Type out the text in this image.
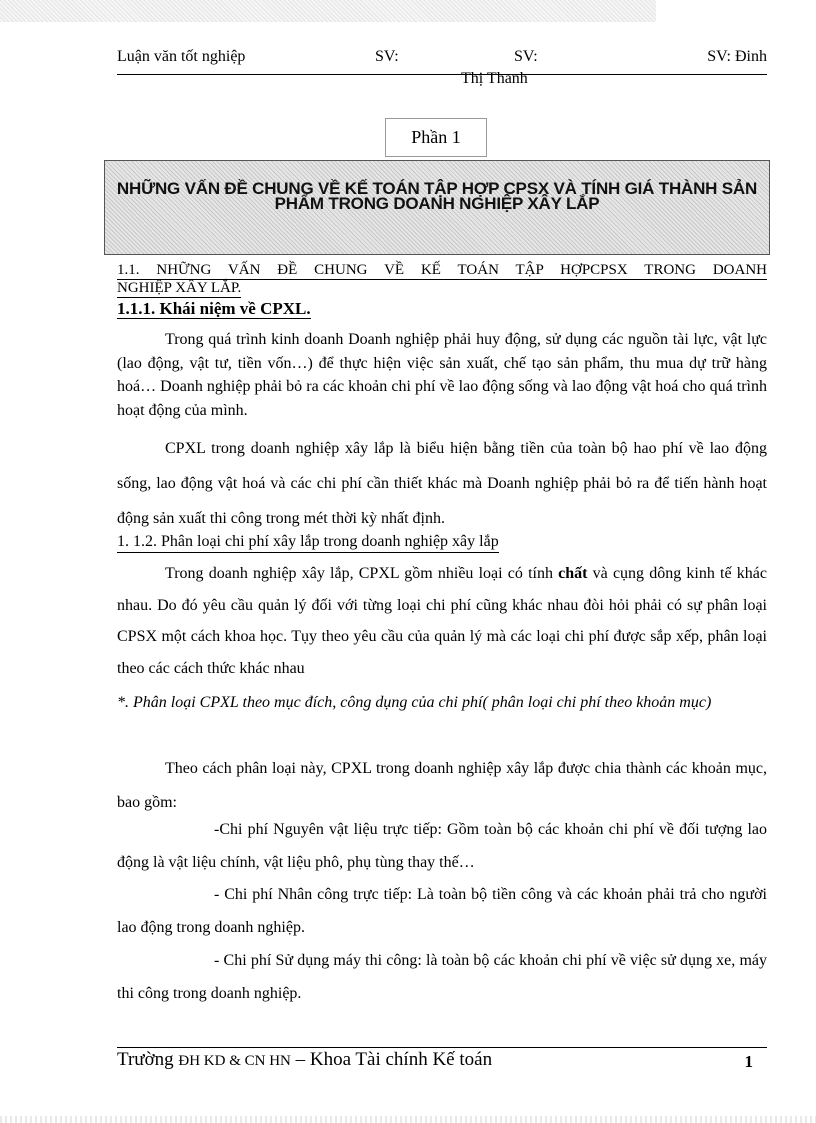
Luận văn tốt nghiệp	SV:	SV:	SV: Đinh
Thị Thanh
Phần 1
NHỮNG VẤN ĐỀ CHUNG VỀ KẾ TOÁN TẬP HỢP CPSX VÀ TÍNH GIÁ THÀNH SẢN PHẨM TRONG DOANH NGHIỆP XÂY LẮP
1.1. NHỮNG VẤN ĐỀ CHUNG VỀ KẾ TOÁN TẬP HỢPCPSX TRONG DOANH
NGHIỆP XÂY LẮP.
1.1.1. Khái niệm về CPXL.

Trong quá trình kinh doanh Doanh nghiệp phải huy động, sử dụng các nguồn tài lực, vật lực (lao động, vật tư, tiền vốn…) để thực hiện việc sản xuất, chế tạo sản phẩm, thu mua dự trữ hàng hoá… Doanh nghiệp phải bỏ ra các khoản chi phí về lao động sống và lao động vật hoá cho quá trình hoạt động của mình.

CPXL trong doanh nghiệp xây lắp là biểu hiện bằng tiền của toàn bộ hao phí về lao động sống, lao động vật hoá và các chi phí cần thiết khác mà Doanh nghiệp phải bỏ ra để tiến hành hoạt động sản xuất thi công trong mét thời kỳ nhất định.

1. 1.2. Phân loại chi phí xây lắp trong doanh nghiệp xây lắp

Trong doanh nghiệp xây lắp, CPXL gồm nhiều loại có tính chất và cụng dông kinh tế khác nhau. Do đó yêu cầu quản lý đối với từng loại chi phí cũng khác nhau đòi hỏi phải có sự phân loại CPSX một cách khoa học. Tụy theo yêu cầu của quản lý mà các loại chi phí được sắp xếp, phân loại theo các cách thức khác nhau

*. Phân loại CPXL theo mục đích, công dụng của chi phí( phân loại chi phí theo khoản mục)

Theo cách phân loại này, CPXL trong doanh nghiệp xây lắp được chia thành các khoản mục, bao gồm:

-Chi phí Nguyên vật liệu trực tiếp: Gồm toàn bộ các khoản chi phí về đối tượng lao động là vật liệu chính, vật liệu phô, phụ tùng thay thế…

- Chi phí Nhân công trực tiếp: Là toàn bộ tiền công và các khoản phải trả cho người lao động trong doanh nghiệp.

- Chi phí Sử dụng máy thi công: là toàn bộ các khoản chi phí về việc sử dụng xe, máy thi công trong doanh nghiệp.

Trường ĐH KD & CN HN – Khoa Tài chính Kế toán	1
